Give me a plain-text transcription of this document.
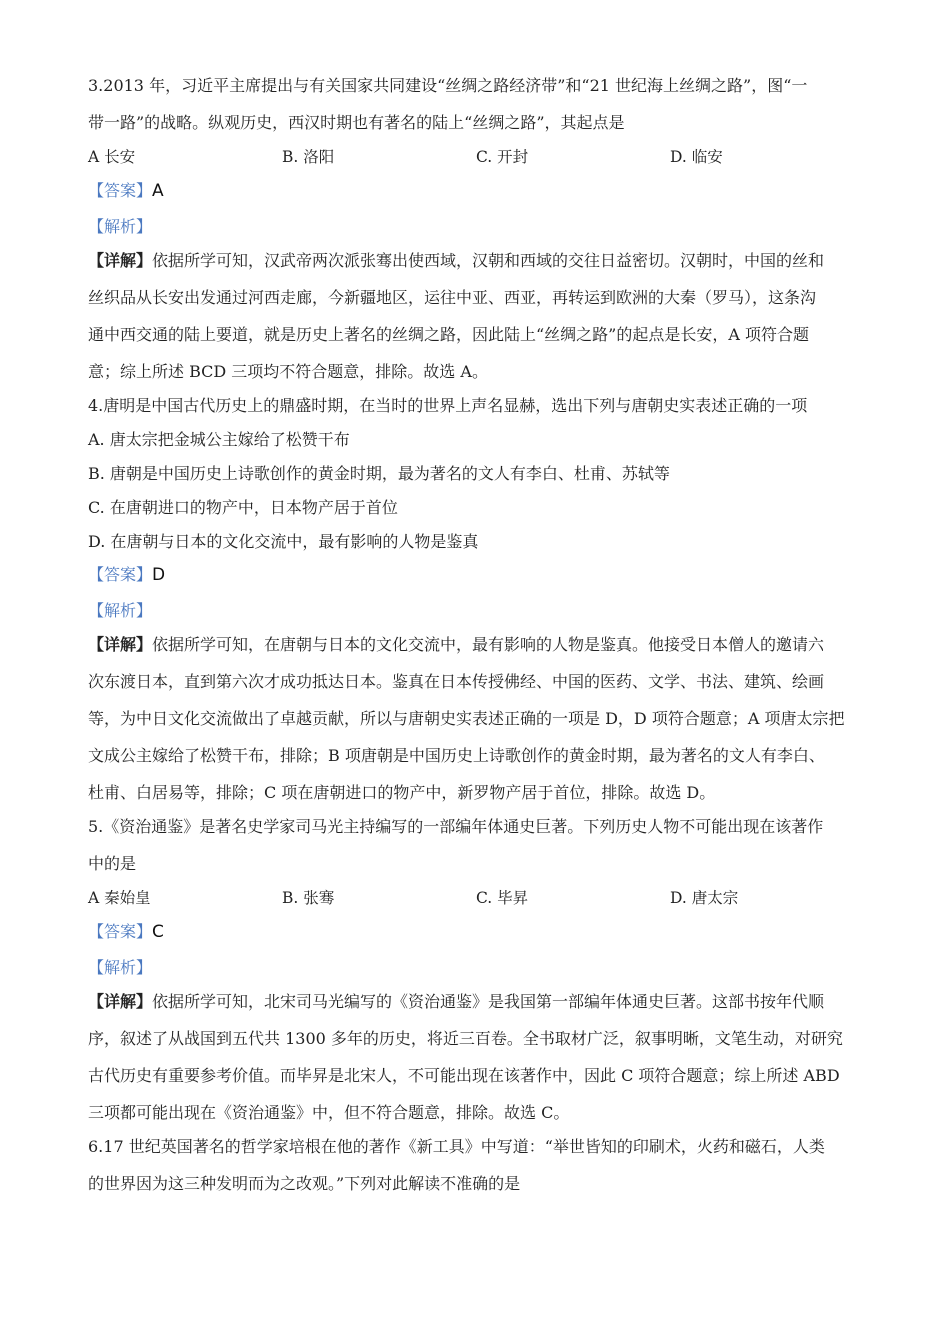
3.2013 年，习近平主席提出与有关国家共同建设“丝绸之路经济带”和“21 世纪海上丝绸之路”，图“一

带一路”的战略。纵观历史，西汉时期也有著名的陆上“丝绸之路”，其起点是

A 长安	B. 洛阳	C. 开封	D. 临安

【答案】A

【解析】

【详解】依据所学可知，汉武帝两次派张骞出使西域，汉朝和西域的交往日益密切。汉朝时，中国的丝和

丝织品从长安出发通过河西走廊，今新疆地区，运往中亚、西亚，再转运到欧洲的大秦（罗马），这条沟

通中西交通的陆上要道，就是历史上著名的丝绸之路，因此陆上“丝绸之路”的起点是长安，A 项符合题

意；综上所述 BCD 三项均不符合题意，排除。故选 A。

4.唐明是中国古代历史上的鼎盛时期，在当时的世界上声名显赫，选出下列与唐朝史实表述正确的一项

A. 唐太宗把金城公主嫁给了松赞干布

B. 唐朝是中国历史上诗歌创作的黄金时期，最为著名的文人有李白、杜甫、苏轼等

C. 在唐朝进口的物产中，日本物产居于首位

D. 在唐朝与日本的文化交流中，最有影响的人物是鉴真

【答案】D

【解析】

【详解】依据所学可知，在唐朝与日本的文化交流中，最有影响的人物是鉴真。他接受日本僧人的邀请六

次东渡日本，直到第六次才成功抵达日本。鉴真在日本传授佛经、中国的医药、文学、书法、建筑、绘画

等，为中日文化交流做出了卓越贡献，所以与唐朝史实表述正确的一项是 D，D 项符合题意；A 项唐太宗把

文成公主嫁给了松赞干布，排除；B 项唐朝是中国历史上诗歌创作的黄金时期，最为著名的文人有李白、

杜甫、白居易等，排除；C 项在唐朝进口的物产中，新罗物产居于首位，排除。故选 D。

5.《资治通鉴》是著名史学家司马光主持编写的一部编年体通史巨著。下列历史人物不可能出现在该著作

中的是

A 秦始皇	B. 张骞	C. 毕昇	D. 唐太宗

【答案】C

【解析】

【详解】依据所学可知，北宋司马光编写的《资治通鉴》是我国第一部编年体通史巨著。这部书按年代顺

序，叙述了从战国到五代共 1300 多年的历史，将近三百卷。全书取材广泛，叙事明晰，文笔生动，对研究

古代历史有重要参考价值。而毕昇是北宋人，不可能出现在该著作中，因此 C 项符合题意；综上所述 ABD

三项都可能出现在《资治通鉴》中，但不符合题意，排除。故选 C。

6.17 世纪英国著名的哲学家培根在他的著作《新工具》中写道：“举世皆知的印刷术，火药和磁石，人类

的世界因为这三种发明而为之改观。”下列对此解读不准确的是
